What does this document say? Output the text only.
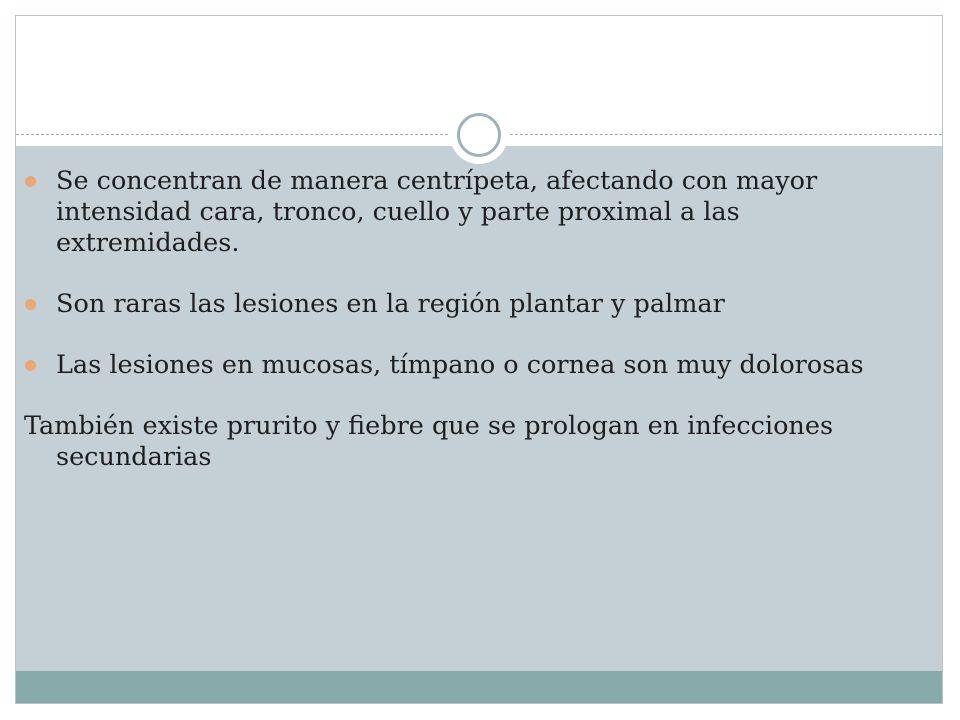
Se concentran de manera centrípeta, afectando con mayor intensidad cara, tronco, cuello y parte proximal a las extremidades.
Son raras las lesiones en la región plantar y palmar
Las lesiones en mucosas, tímpano o cornea son muy dolorosas

También existe prurito y fiebre que se prologan en infecciones secundarias
